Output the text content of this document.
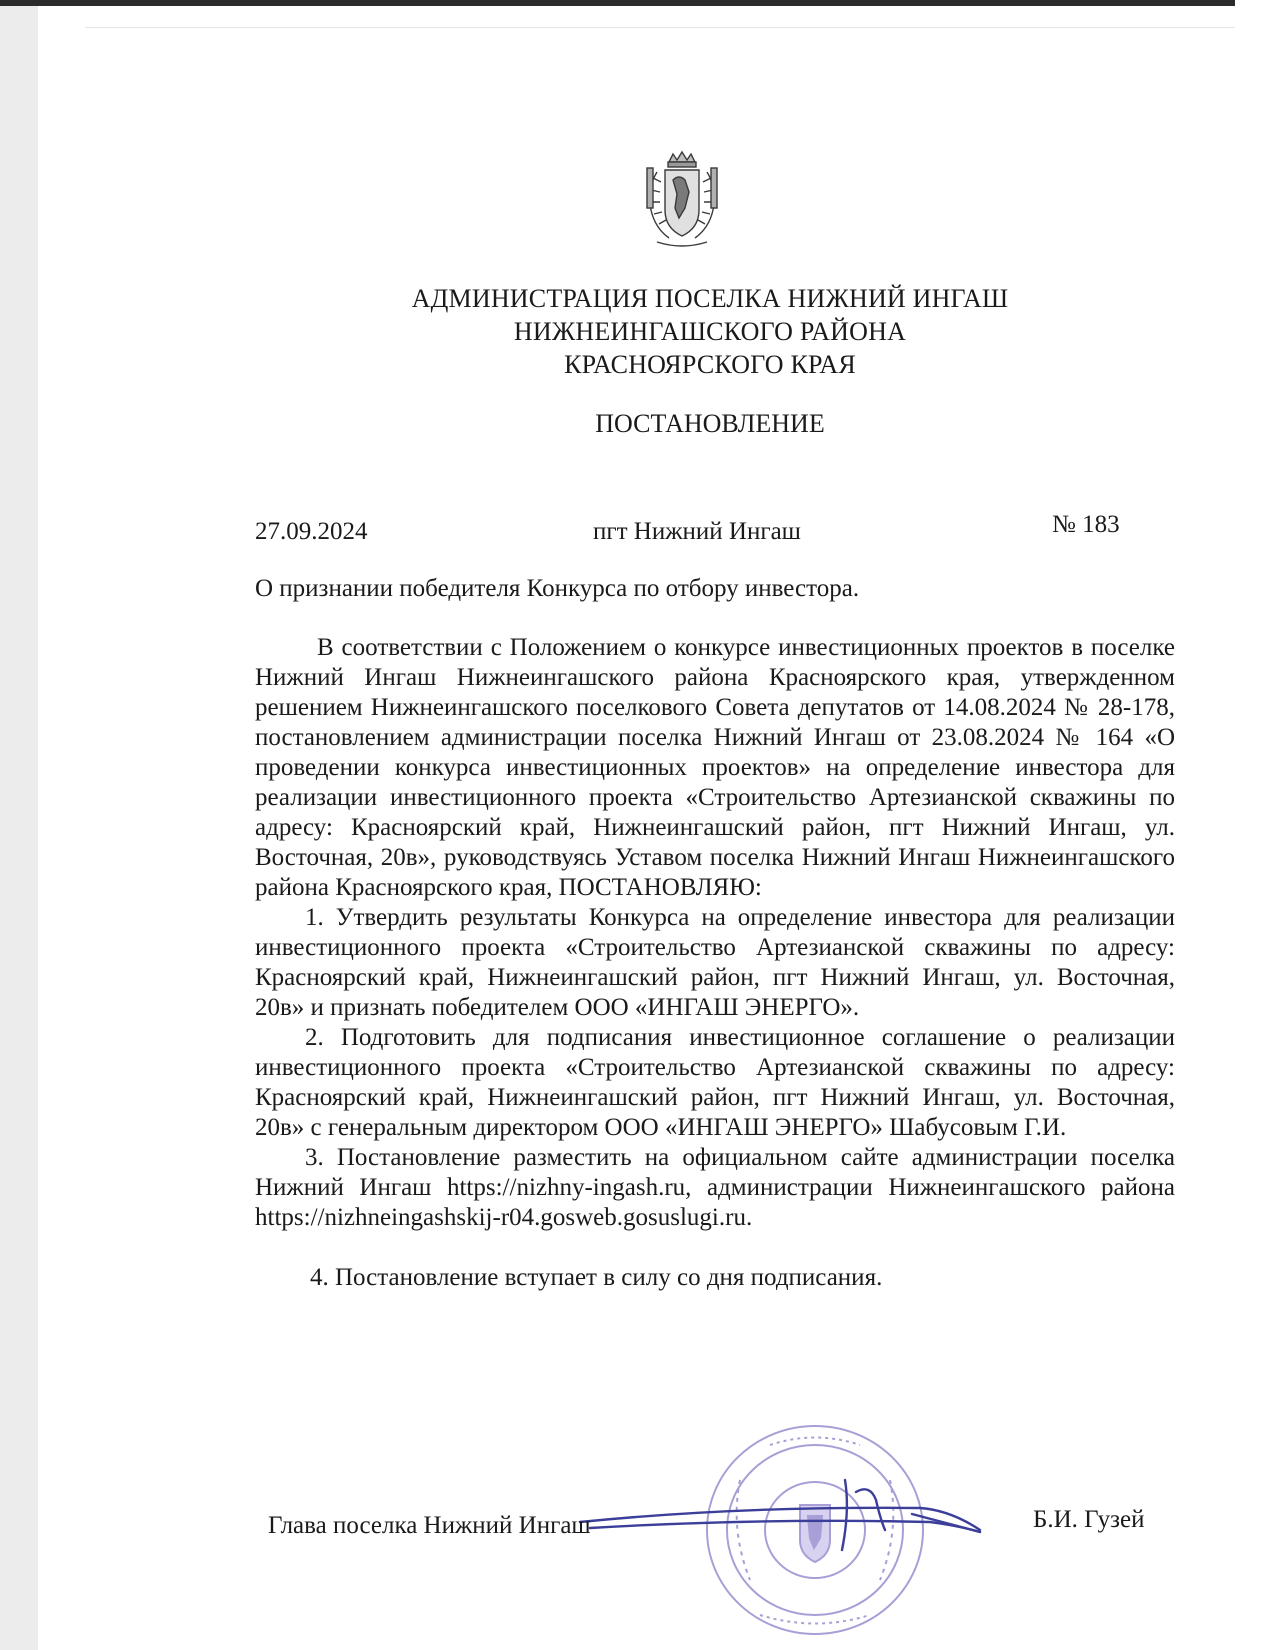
АДМИНИСТРАЦИЯ ПОСЕЛКА НИЖНИЙ ИНГАШ
НИЖНЕИНГАШСКОГО РАЙОНА
КРАСНОЯРСКОГО КРАЯ
ПОСТАНОВЛЕНИЕ
27.09.2024	пгт Нижний Ингаш	№ 183
О признании победителя Конкурса по отбору инвестора.

В соответствии с Положением о конкурсе инвестиционных проектов в поселке Нижний Ингаш Нижнеингашского района Красноярского края, утвержденном решением Нижнеингашского поселкового Совета депутатов от 14.08.2024 № 28-178, постановлением администрации поселка Нижний Ингаш от 23.08.2024 № 164 «О проведении конкурса инвестиционных проектов» на определение инвестора для реализации инвестиционного проекта «Строительство Артезианской скважины по адресу: Красноярский край, Нижнеингашский район, пгт Нижний Ингаш, ул. Восточная, 20в», руководствуясь Уставом поселка Нижний Ингаш Нижнеингашского района Красноярского края, ПОСТАНОВЛЯЮ:

1. Утвердить результаты Конкурса на определение инвестора для реализации инвестиционного проекта «Строительство Артезианской скважины по адресу: Красноярский край, Нижнеингашский район, пгт Нижний Ингаш, ул. Восточная, 20в» и признать победителем ООО «ИНГАШ ЭНЕРГО».
2. Подготовить для подписания инвестиционное соглашение о реализации инвестиционного проекта «Строительство Артезианской скважины по адресу: Красноярский край, Нижнеингашский район, пгт Нижний Ингаш, ул. Восточная, 20в» с генеральным директором ООО «ИНГАШ ЭНЕРГО» Шабусовым Г.И.
3. Постановление разместить на официальном сайте администрации поселка Нижний Ингаш https://nizhny-ingash.ru, администрации Нижнеингашского района https://nizhneingashskij-r04.gosweb.gosuslugi.ru.
4. Постановление вступает в силу со дня подписания.
Глава поселка Нижний Ингаш	Б.И. Гузей
